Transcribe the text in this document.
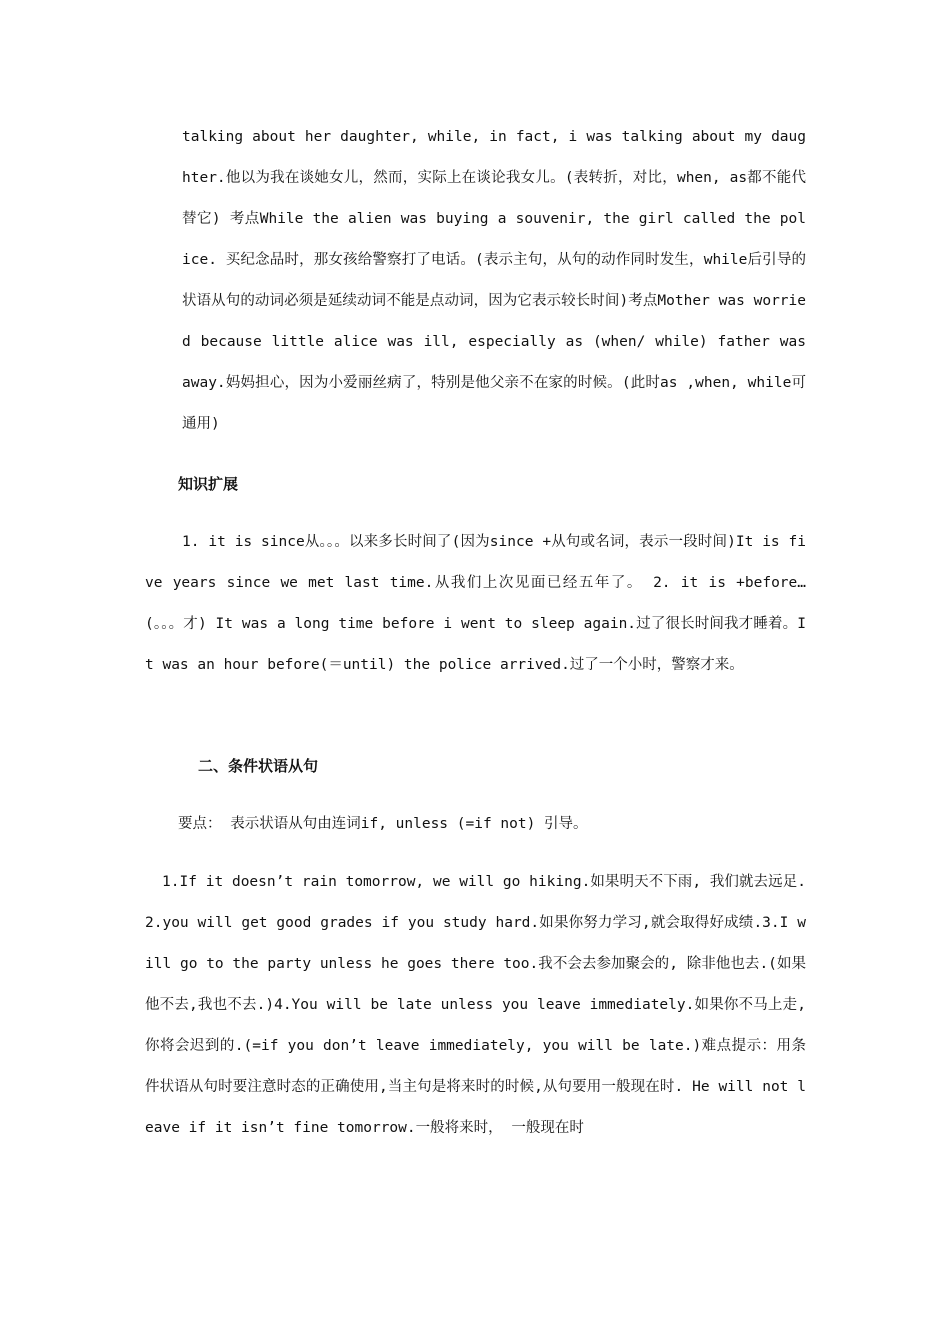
talking about her daughter, while, in fact, i was talking about my daughter.他以为我在谈她女儿，然而，实际上在谈论我女儿。(表转折，对比，when, as都不能代替它) 考点While the alien was buying a souvenir, the girl called the police. 买纪念品时，那女孩给警察打了电话。(表示主句，从句的动作同时发生，while后引导的状语从句的动词必须是延续动词不能是点动词，因为它表示较长时间)考点Mother was worried because little alice was ill, especially as (when/ while) father was away.妈妈担心，因为小爱丽丝病了，特别是他父亲不在家的时候。(此时as ,when, while可通用)
知识扩展
1. it is since从。。。以来多长时间了(因为since +从句或名词，表示一段时间)It is five years since we met last time.从我们上次见面已经五年了。 2. it is +before…(。。。才) It was a long time before i went to sleep again.过了很长时间我才睡着。It was an hour before(＝until) the police arrived.过了一个小时，警察才来。
二、条件状语从句
要点： 表示状语从句由连词if, unless (=if not) 引导。
1.If it doesn’t rain tomorrow, we will go hiking.如果明天不下雨, 我们就去远足.2.you will get good grades if you study hard.如果你努力学习,就会取得好成绩.3.I will go to the party unless he goes there too.我不会去参加聚会的, 除非他也去.(如果他不去,我也不去.)4.You will be late unless you leave immediately.如果你不马上走,你将会迟到的.(=if you don’t leave immediately, you will be late.)难点提示：用条件状语从句时要注意时态的正确使用,当主句是将来时的时候,从句要用一般现在时. He will not leave if it isn’t fine tomorrow.一般将来时， 一般现在时
